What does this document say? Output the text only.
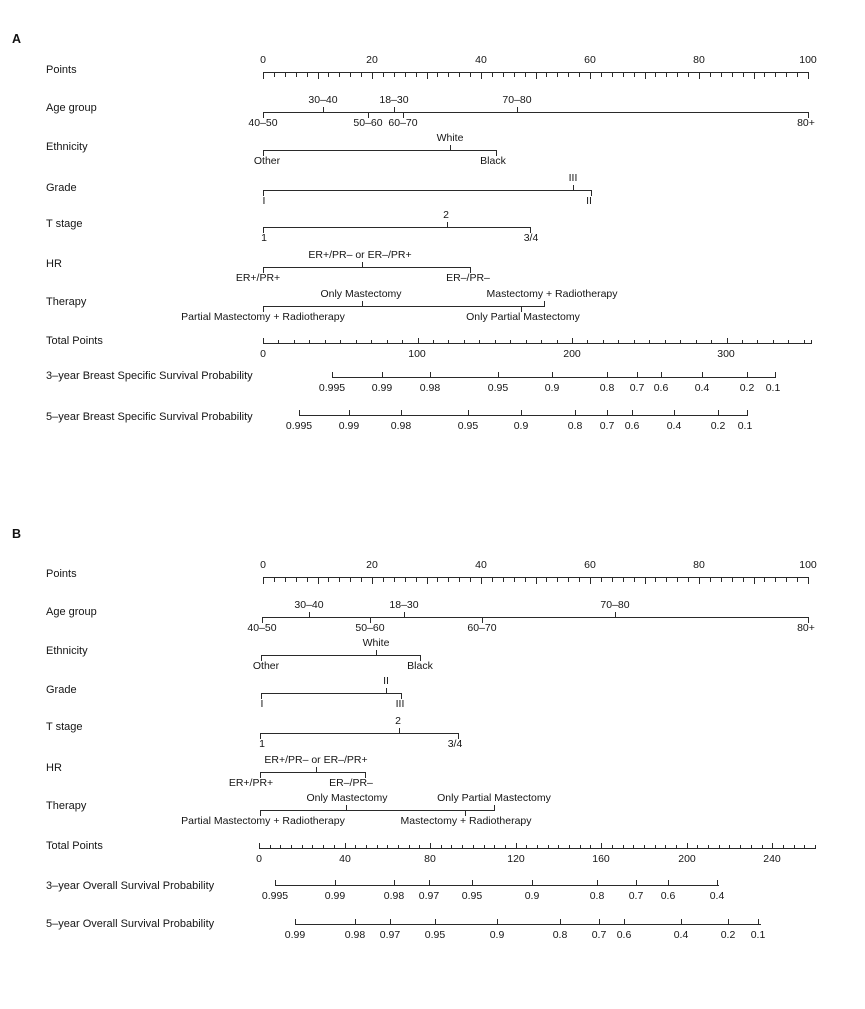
A
B
Points
0	20	40	60	80	100
Age group
30–40	18–30	70–80
40–50	50–60 60–70	80+
Ethnicity
White
Other	Black
Grade
III
I	II
T stage
2
1	3/4
HR
ER+/PR– or ER–/PR+
ER+/PR+	ER–/PR–
Therapy
Only Mastectomy	Mastectomy + Radiotherapy
Partial Mastectomy + Radiotherapy	Only Partial Mastectomy
Total Points
0	100	200	300
3–year Breast Specific Survival Probability
0.995	0.99	0.98	0.95	0.9	0.8 0.7 0.6	0.4	0.2 0.1
5–year Breast Specific Survival Probability
0.995	0.99	0.98	0.95	0.9	0.8 0.7 0.6	0.4	0.2 0.1
Points
0	20	40	60	80	100
Age group
30–40	18–30	70–80
40–50	50–60	60–70	80+
Ethnicity
White
Other	Black
Grade
II
I	III
T stage	2
1	3/4
HR
ER+/PR– or ER–/PR+
ER+/PR+	ER–/PR–
Therapy
Only Mastectomy	Only Partial Mastectomy
Partial Mastectomy + Radiotherapy	Mastectomy + Radiotherapy
Total Points
0	40	80	120	160	200	240
3–year Overall Survival Probability
0.995	0.99	0.98 0.97 0.95	0.9	0.8 0.7 0.6	0.4
5–year Overall Survival Probability
0.99	0.98 0.97 0.95	0.9	0.8 0.7 0.6	0.4	0.2 0.1
